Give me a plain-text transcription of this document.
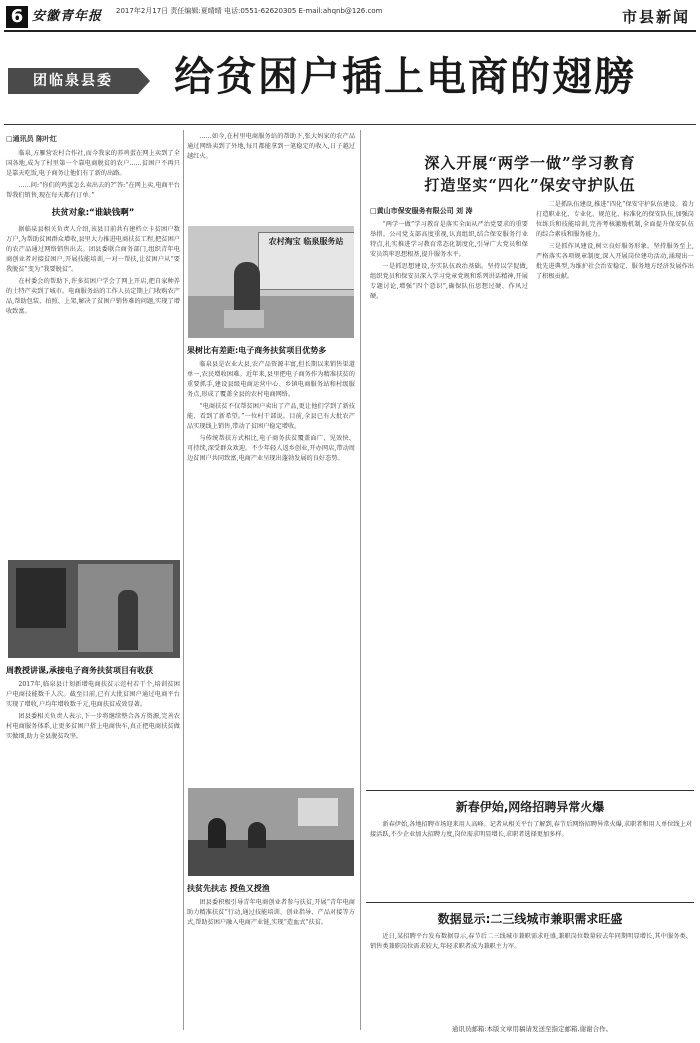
6 安徽青年报 2017年2月17日 责任编辑:夏晴晴 电话:0551-62620305 E-mail:ahqnb@126.com	市县新闻
团临泉县委	给贫困户插上电商的翅膀
□通讯员 陈叶红

临泉,方雁营农村合作社,而今我家的养鸡蛋在网上卖到了全国各地,成为了村里第一个靠电商脱贫的农户……贫困户不再只是靠天吃饭,电子商务让他们有了新的出路。

……问:“你们的鸡蛋怎么卖出去的?”答:“在网上卖,电商平台帮我们销售,现在每天都有订单。”

扶贫对象:“谁缺钱啊”

据临泉县相关负责人介绍,该县目前共有建档立卡贫困户数万户,为帮助贫困群众增收,县里大力推进电商扶贫工程,把贫困户的农产品通过网络销售出去。团县委联合商务部门,组织青年电商创业者对接贫困户,开展技能培训,一对一帮扶,让贫困户从“要我脱贫”变为“我要脱贫”。

在村委会的帮助下,许多贫困户学会了网上开店,把自家种养的土特产卖到了城市。电商服务站的工作人员定期上门收购农产品,帮助包装、拍照、上架,解决了贫困户销售难的问题,实现了增收致富。

周教授讲课,承接电子商务扶贫项目有收获

2017年,临泉县计划新增电商扶贫示范村若干个,培训贫困户电商技能数千人次。截至目前,已有大批贫困户通过电商平台实现了增收,户均年增收数千元,电商扶贫成效显著。

团县委相关负责人表示,下一步将继续整合各方资源,完善农村电商服务体系,让更多贫困户搭上电商快车,真正把电商扶贫做实做细,助力全县脱贫攻坚。

……如今,在村里电商服务站的帮助下,张大妈家的农产品通过网络卖到了外地,每月都能拿到一笔稳定的收入,日子越过越红火。

农村淘宝 临泉服务站
果树比有差距:电子商务扶贫项目优势多

临泉县是农业大县,农产品资源丰富,但长期以来销售渠道单一,农民增收困难。近年来,县里把电子商务作为精准扶贫的重要抓手,建设县级电商运营中心、乡镇电商服务站和村级服务点,形成了覆盖全县的农村电商网络。

“电商扶贫不仅帮贫困户卖出了产品,更让他们学到了新技能、看到了新希望。”一位村干部说。目前,全县已有大批农产品实现线上销售,带动了贫困户稳定增收。

与传统帮扶方式相比,电子商务扶贫覆盖面广、见效快、可持续,深受群众欢迎。不少年轻人返乡创业,开办网店,带动周边贫困户共同致富,电商产业呈现出蓬勃发展的良好态势。

扶贫先扶志 授鱼又授渔

团县委积极引导青年电商创业者参与扶贫,开展“青年电商助力精准扶贫”行动,通过技能培训、创业指导、产品对接等方式,帮助贫困户融入电商产业链,实现“造血式”扶贫。

深入开展“两学一做”学习教育
打造坚实“四化”保安守护队伍
□黄山市保安服务有限公司 刘 涛

“两学一做”学习教育是落实全面从严治党要求的重要举措。公司党支部高度重视,认真组织,结合保安服务行业特点,扎实推进学习教育常态化制度化,引导广大党员和保安员筑牢思想根基,提升服务水平。

一是抓思想建设,夯实队伍政治基础。坚持以学促做,组织党员和保安员深入学习党章党规和系列讲话精神,开展专题讨论,增强“四个意识”,确保队伍思想过硬、作风过硬。

二是抓队伍建设,推进“四化”保安守护队伍建设。着力打造职业化、专业化、规范化、标准化的保安队伍,加强岗位练兵和技能培训,完善考核激励机制,全面提升保安队伍的综合素质和服务能力。

三是抓作风建设,树立良好服务形象。坚持服务至上,严格落实各项规章制度,深入开展岗位建功活动,涌现出一批先进典型,为维护社会治安稳定、服务地方经济发展作出了积极贡献。

新春伊始,网络招聘异常火爆

新春伊始,各地招聘市场迎来用人高峰。记者从相关平台了解到,春节后网络招聘异常火爆,求职者和用人单位线上对接活跃,不少企业加大招聘力度,岗位需求明显增长,求职者选择更加多样。

数据显示:二三线城市兼职需求旺盛

近日,某招聘平台发布数据显示,春节后二三线城市兼职需求旺盛,兼职岗位数量较去年同期明显增长,其中服务类、销售类兼职岗位需求较大,年轻求职者成为兼职主力军。

通讯员邮箱:本版文章用稿请发送至指定邮箱,谢谢合作。
